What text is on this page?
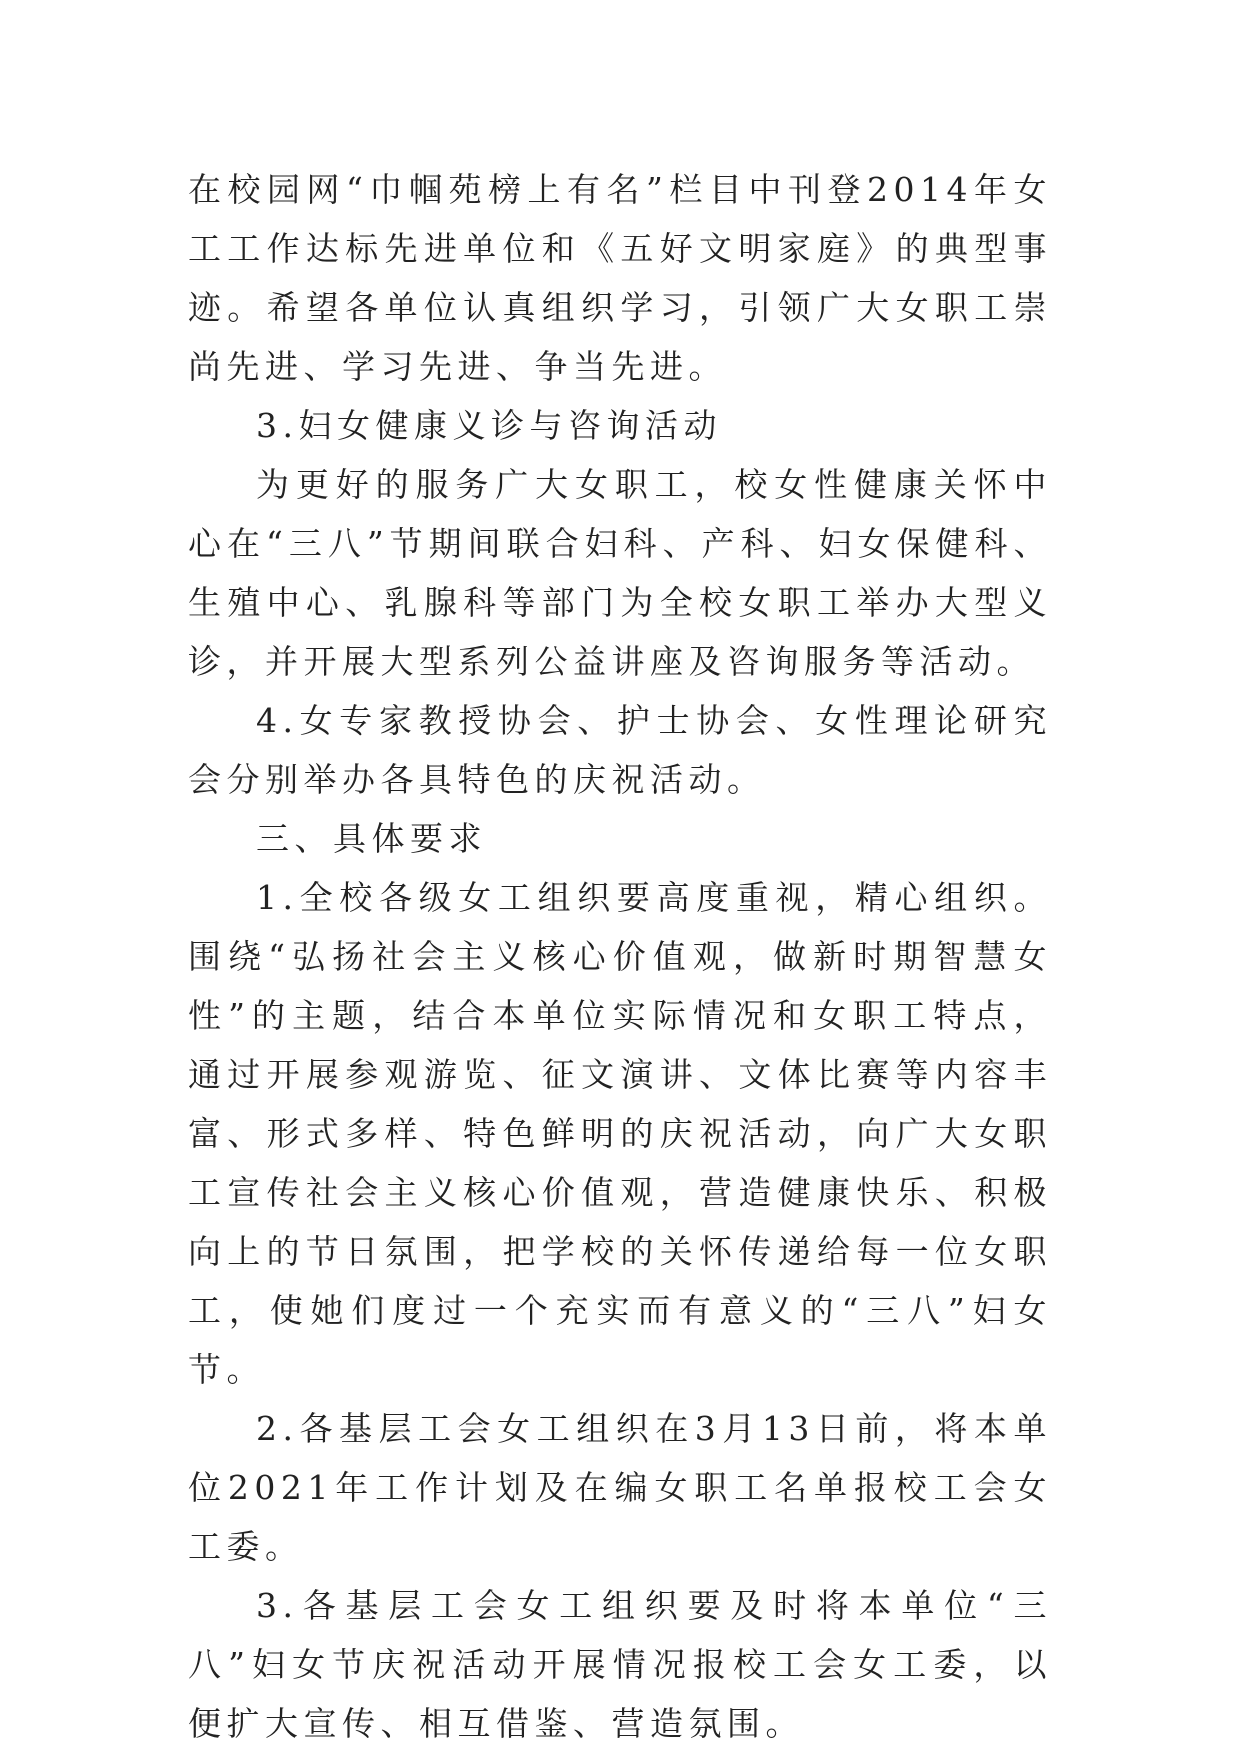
在校园网“巾帼苑榜上有名”栏目中刊登2014年女工工作达标先进单位和《五好文明家庭》的典型事迹。希望各单位认真组织学习，引领广大女职工崇尚先进、学习先进、争当先进。

3.妇女健康义诊与咨询活动

为更好的服务广大女职工，校女性健康关怀中心在“三八”节期间联合妇科、产科、妇女保健科、生殖中心、乳腺科等部门为全校女职工举办大型义诊，并开展大型系列公益讲座及咨询服务等活动。

4.女专家教授协会、护士协会、女性理论研究会分别举办各具特色的庆祝活动。

三、具体要求

1.全校各级女工组织要高度重视，精心组织。围绕“弘扬社会主义核心价值观，做新时期智慧女性”的主题，结合本单位实际情况和女职工特点，通过开展参观游览、征文演讲、文体比赛等内容丰富、形式多样、特色鲜明的庆祝活动，向广大女职工宣传社会主义核心价值观，营造健康快乐、积极向上的节日氛围，把学校的关怀传递给每一位女职工，使她们度过一个充实而有意义的“三八”妇女节。

2.各基层工会女工组织在3月13日前，将本单位2021年工作计划及在编女职工名单报校工会女工委。

3.各基层工会女工组织要及时将本单位“三八”妇女节庆祝活动开展情况报校工会女工委，以便扩大宣传、相互借鉴、营造氛围。
